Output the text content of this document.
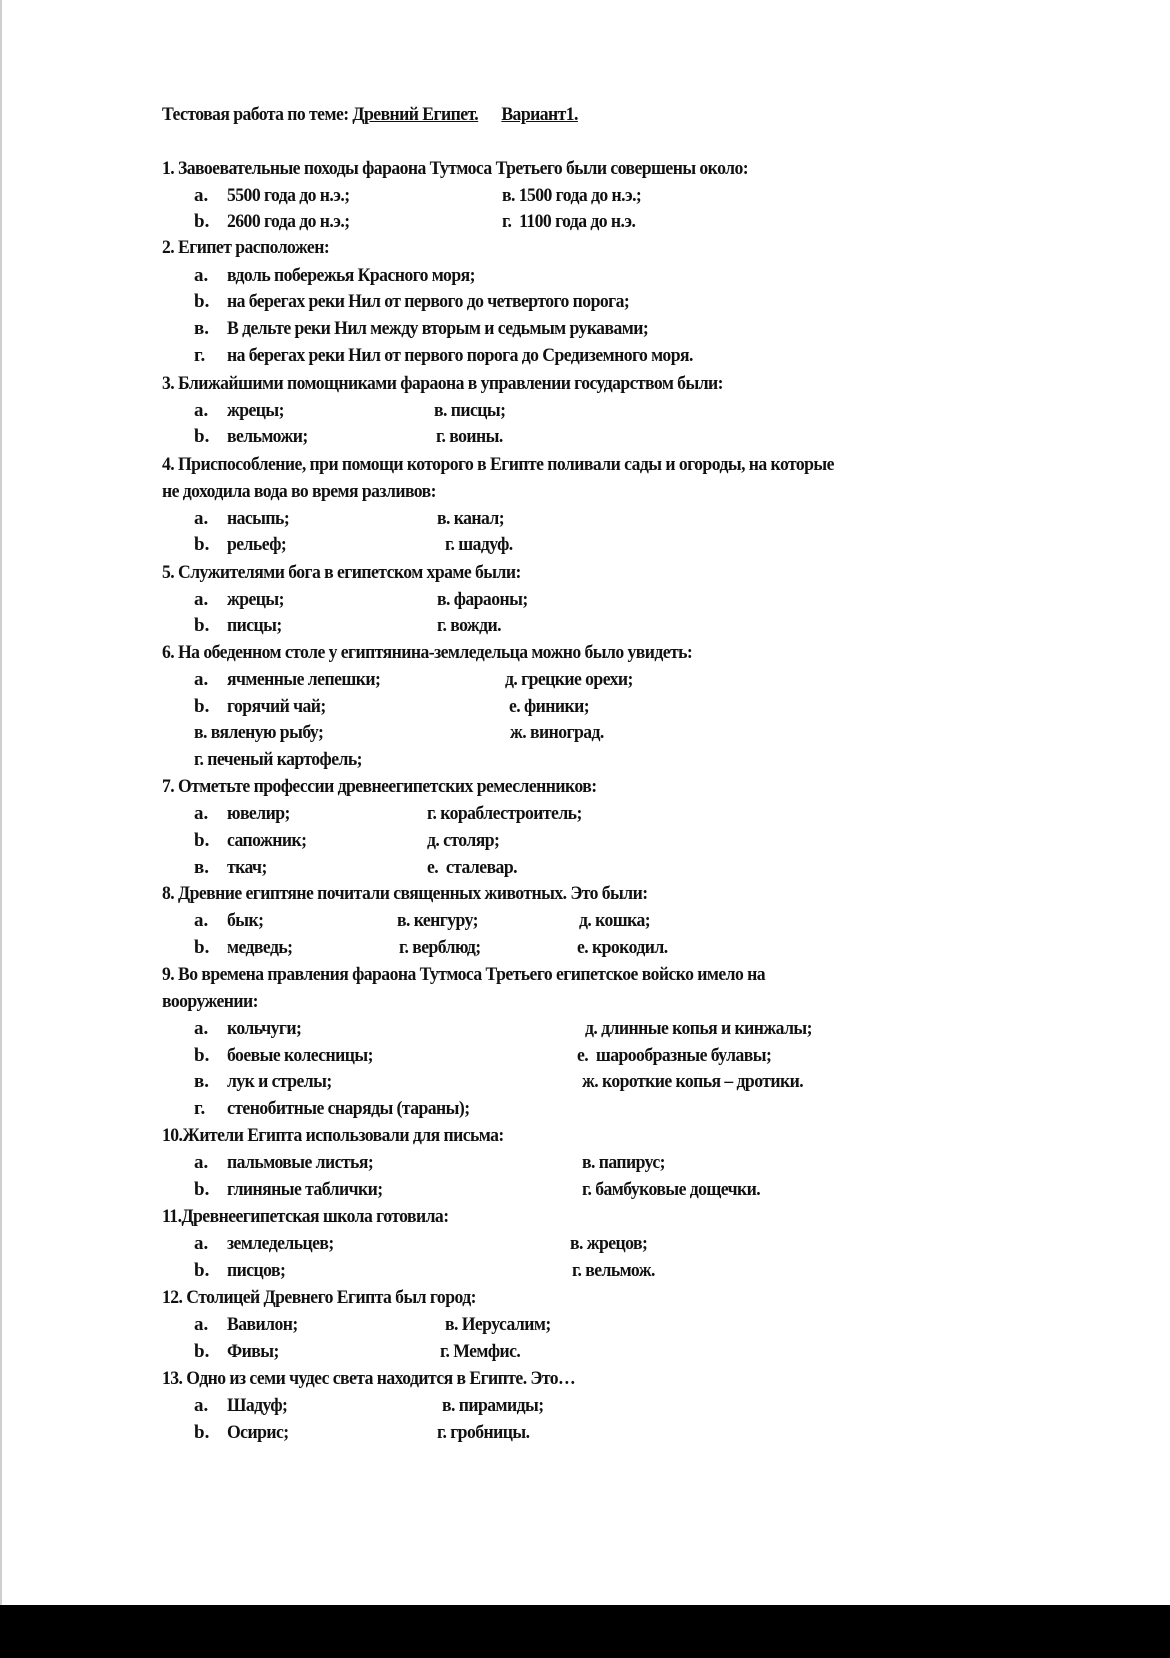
Тестовая работа по теме: Древний Египет. Вариант1.
1. Завоевательные походы фараона Тутмоса Третьего были совершены около:
a. 5500 года до н.э.;	в. 1500 года до н.э.;
b. 2600 года до н.э.;	г. 1100 года до н.э.
2. Египет расположен:
a. вдоль побережья Красного моря;
b. на берегах реки Нил от первого до четвертого порога;
в. В дельте реки Нил между вторым и седьмым рукавами;
г. на берегах реки Нил от первого порога до Средиземного моря.
3. Ближайшими помощниками фараона в управлении государством были:
a. жрецы;	в. писцы;
b. вельможи;	г. воины.
4. Приспособление, при помощи которого в Египте поливали сады и огороды, на которые
не доходила вода во время разливов:
a. насыпь;	в. канал;
b. рельеф;	г. шадуф.
5. Служителями бога в египетском храме были:
a. жрецы;	в. фараоны;
b. писцы;	г. вожди.
6. На обеденном столе у египтянина-земледельца можно было увидеть:
a. ячменные лепешки;	д. грецкие орехи;
b. горячий чай;	е. финики;
в. вяленую рыбу;	ж. виноград.
г. печеный картофель;
7. Отметьте профессии древнеегипетских ремесленников:
a. ювелир;	г. кораблестроитель;
b. сапожник;	д. столяр;
в. ткач;	е. сталевар.
8. Древние египтяне почитали священных животных. Это были:
a. бык;	в. кенгуру;	д. кошка;
b. медведь;	г. верблюд;	е. крокодил.
9. Во времена правления фараона Тутмоса Третьего египетское войско имело на
вооружении:
a. кольчуги;	д. длинные копья и кинжалы;
b. боевые колесницы;	е. шарообразные булавы;
в. лук и стрелы;	ж. короткие копья – дротики.
г. стенобитные снаряды (тараны);
10.Жители Египта использовали для письма:
a. пальмовые листья;	в. папирус;
b. глиняные таблички;	г. бамбуковые дощечки.
11.Древнеегипетская школа готовила:
a. земледельцев;	в. жрецов;
b. писцов;	г. вельмож.
12. Столицей Древнего Египта был город:
a. Вавилон;	в. Иерусалим;
b. Фивы;	г. Мемфис.
13. Одно из семи чудес света находится в Египте. Это…
a. Шадуф;	в. пирамиды;
b. Осирис;	г. гробницы.
